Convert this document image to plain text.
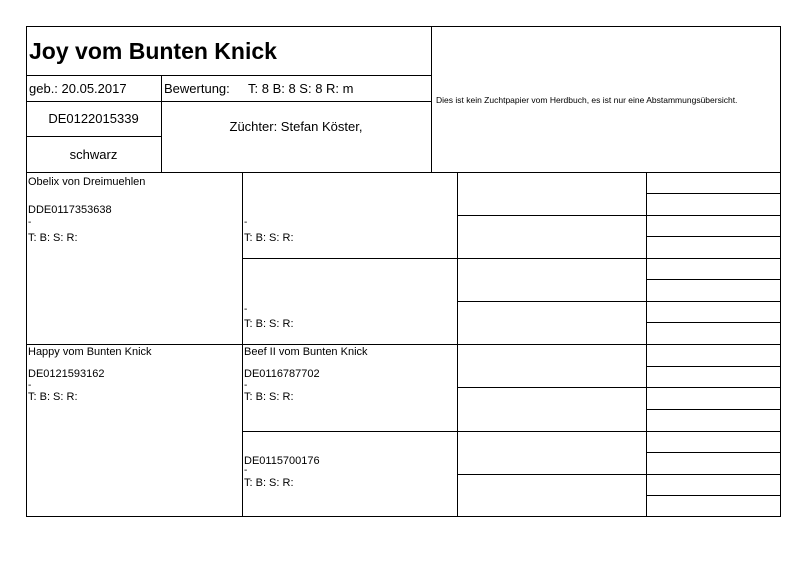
Joy vom Bunten Knick
geb.: 20.05.2017	Bewertung: T: 8 B: 8 S: 8 R: m
DE0122015339
Züchter: Stefan Köster,
schwarz
Dies ist kein Zuchtpapier vom Herdbuch, es ist nur eine Abstammungsübersicht.
Obelix von Dreimuehlen
DDE0117353638
-
T: B: S: R:
-
T: B: S: R:
-
T: B: S: R:
Happy vom Bunten Knick
DE0121593162
-
T: B: S: R:
Beef II vom Bunten Knick
DE0116787702
-
T: B: S: R:
DE0115700176
-
T: B: S: R:
